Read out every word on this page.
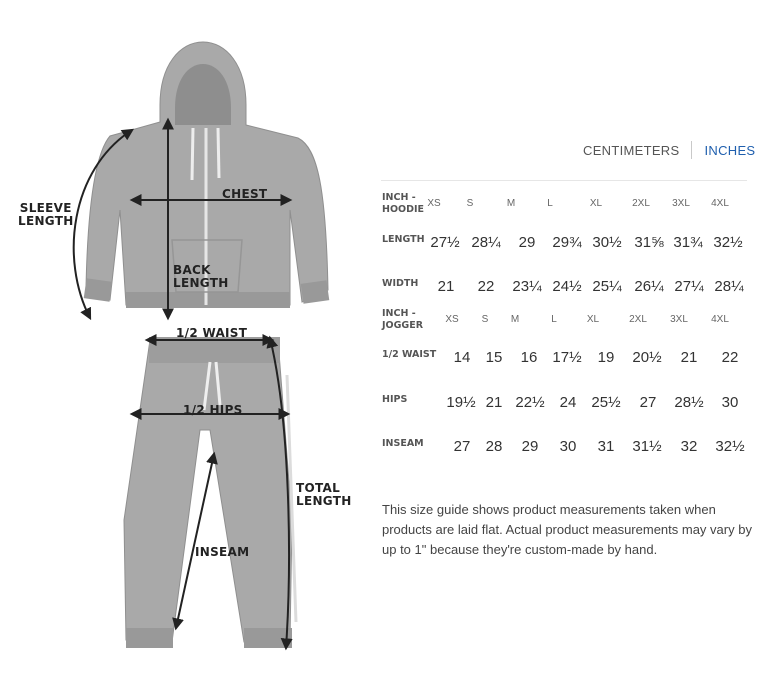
SLEEVE
LENGTH
CHEST
BACK
LENGTH
1/2 WAIST
1/2 HIPS
TOTAL
LENGTH
INSEAM
CENTIMETERS INCHES
INCH -
HOODIE
XS	S	M	L	XL	2XL 3XL 4XL
LENGTH 27½ 28¼ 29 29¾ 30½ 31⅝ 31¾ 32½
WIDTH 21 22 23¼ 24½ 25¼ 26¼ 27¼ 28¼
INCH -
JOGGER
XS S M	L	XL	2XL 3XL 4XL
1/2 WAIST 14 15 16 17½ 19 20½ 21 22
HIPS	19½ 21 22½ 24 25½ 27 28½ 30
INSEAM 27 28 29 30 31 31½ 32 32½
This size guide shows product measurements taken when products are laid flat. Actual product measurements may vary by up to 1" because they're custom-made by hand.
